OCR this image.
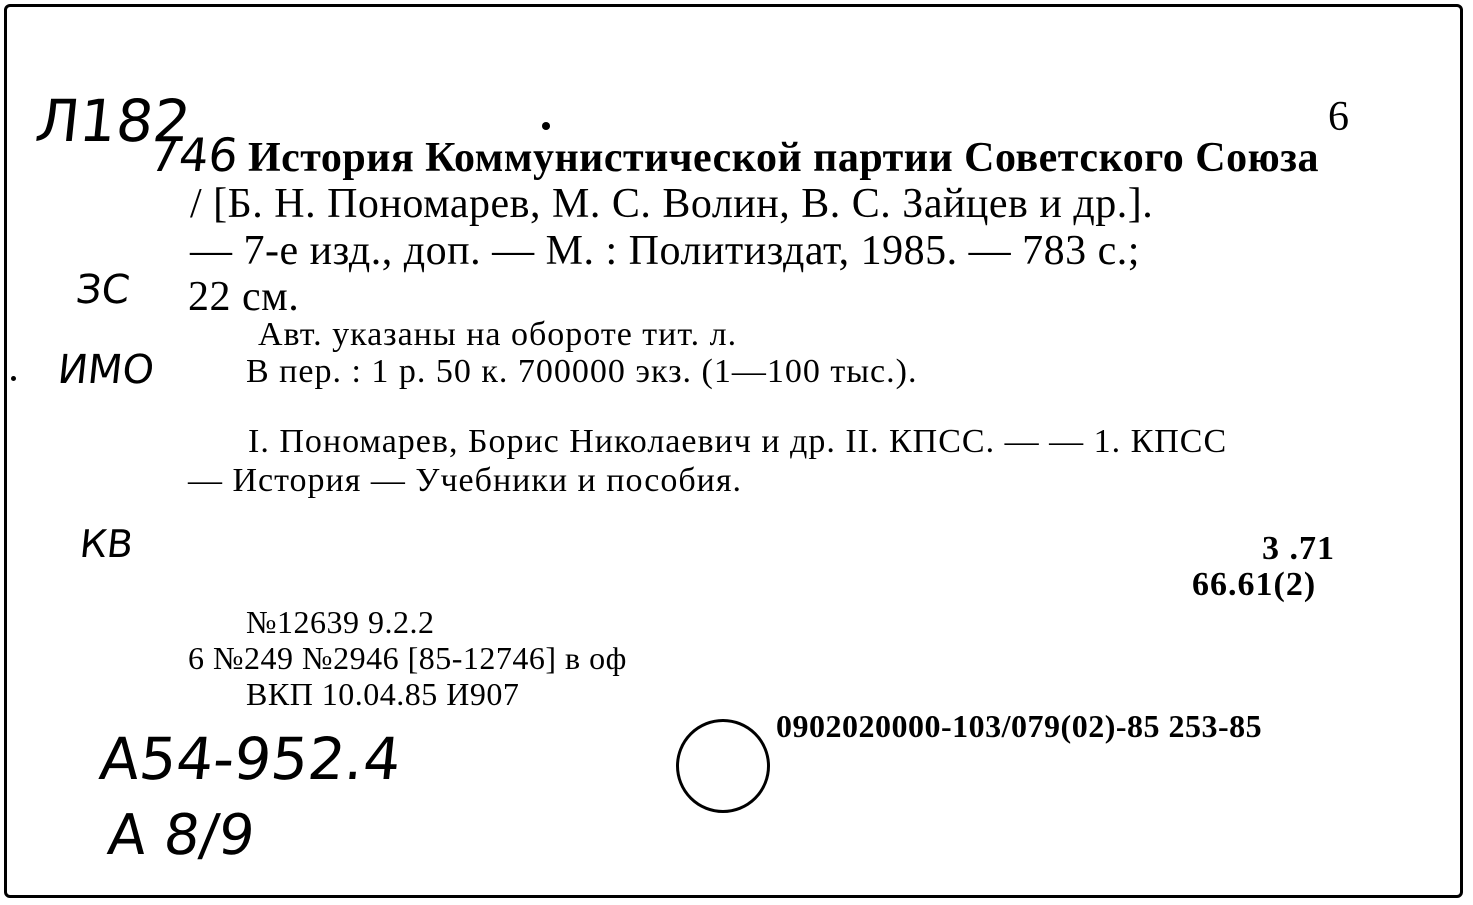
Л182
746
ЗС
ИМО
КВ
А54-952.4
А 8/9
6
История Коммунистической партии Советского Союза
/ [Б. Н. Пономарев, М. С. Волин, В. С. Зайцев и др.].
— 7-е изд., доп. — М. : Политиздат, 1985. — 783 с.;
22 см.
Авт. указаны на обороте тит. л.
В пер. : 1 р. 50 к. 700000 экз. (1—100 тыс.).
I. Пономарев, Борис Николаевич и др. II. КПСС. — — 1. КПСС
— История — Учебники и пособия.
3 .71
66.61(2)
№12639 9.2.2
6 №249 №2946 [85-12746] в оф
ВКП 10.04.85 И907
0902020000-103/079(02)-85 253-85
